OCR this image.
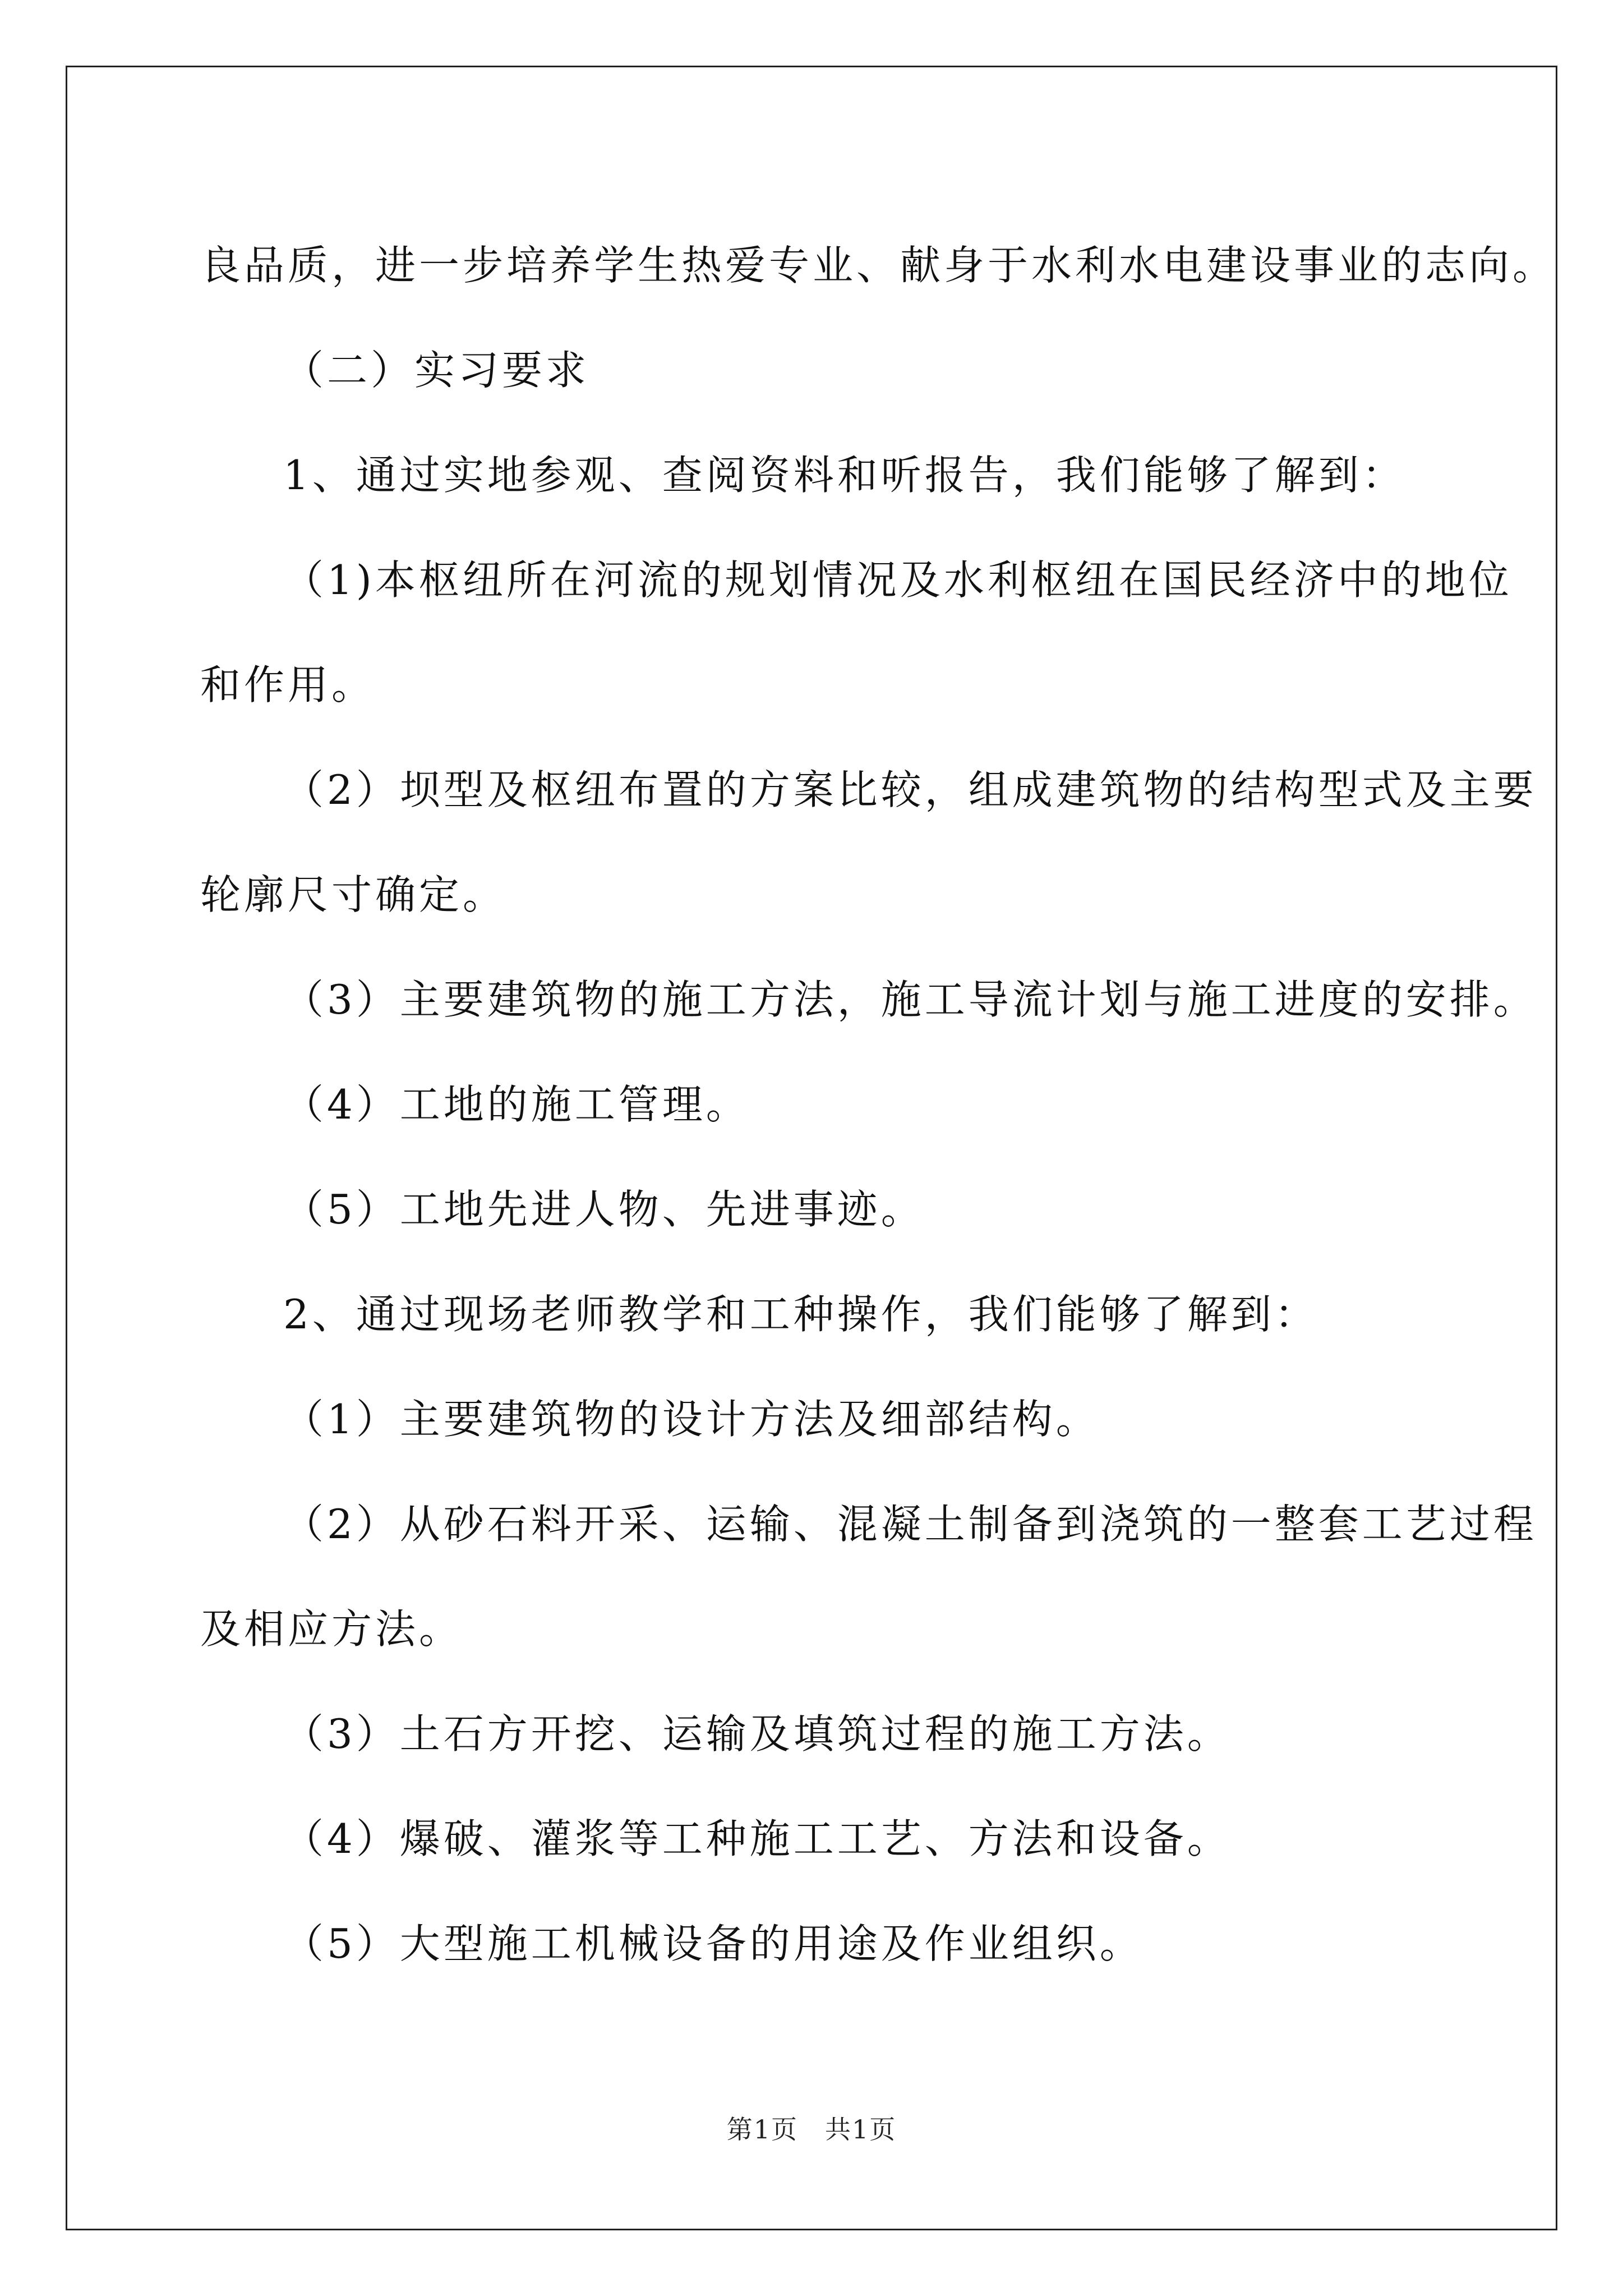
良品质，进一步培养学生热爱专业、献身于水利水电建设事业的志向。

（二）实习要求

1、通过实地参观、查阅资料和听报告，我们能够了解到：

（1)本枢纽所在河流的规划情况及水利枢纽在国民经济中的地位

和作用。

（2）坝型及枢纽布置的方案比较，组成建筑物的结构型式及主要

轮廓尺寸确定。

（3）主要建筑物的施工方法，施工导流计划与施工进度的安排。

（4）工地的施工管理。

（5）工地先进人物、先进事迹。

2、通过现场老师教学和工种操作，我们能够了解到：

（1）主要建筑物的设计方法及细部结构。

（2）从砂石料开采、运输、混凝土制备到浇筑的一整套工艺过程

及相应方法。

（3）土石方开挖、运输及填筑过程的施工方法。

（4）爆破、灌浆等工种施工工艺、方法和设备。

（5）大型施工机械设备的用途及作业组织。

第1页　共1页
